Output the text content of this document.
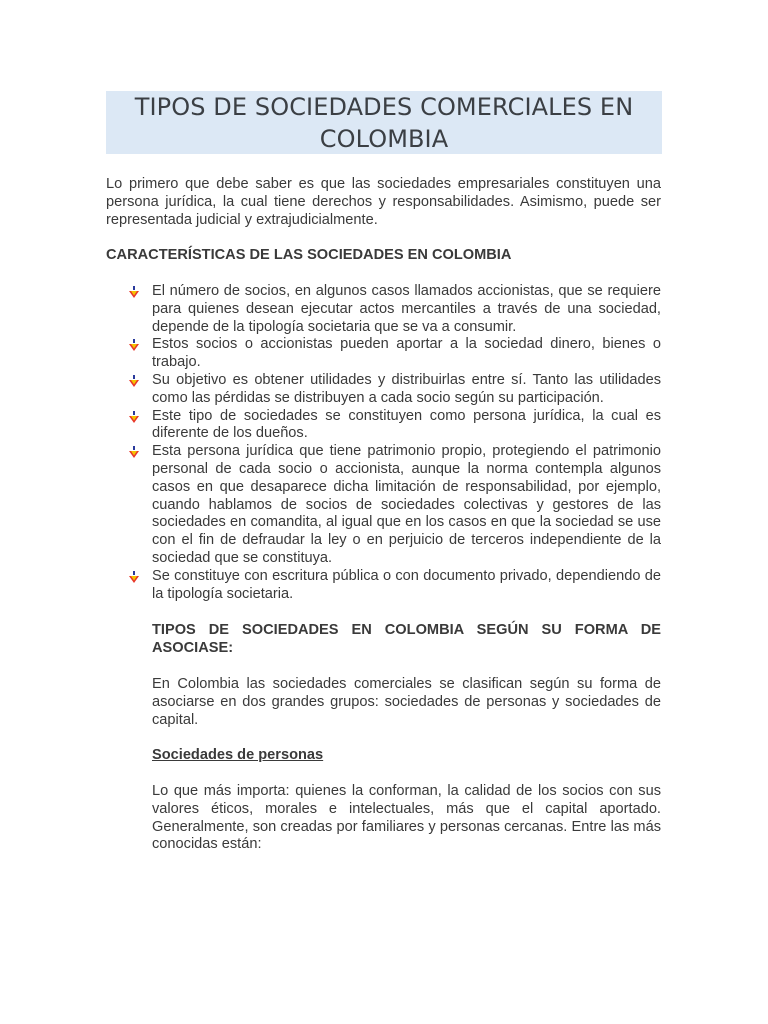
TIPOS DE SOCIEDADES COMERCIALES EN COLOMBIA

Lo primero que debe saber es que las sociedades empresariales constituyen una persona jurídica, la cual tiene derechos y responsabilidades. Asimismo, puede ser representada judicial y extrajudicialmente.

CARACTERÍSTICAS DE LAS SOCIEDADES EN COLOMBIA
El número de socios, en algunos casos llamados accionistas, que se requiere para quienes desean ejecutar actos mercantiles a través de una sociedad, depende de la tipología societaria que se va a consumir.
Estos socios o accionistas pueden aportar a la sociedad dinero, bienes o trabajo.
Su objetivo es obtener utilidades y distribuirlas entre sí. Tanto las utilidades como las pérdidas se distribuyen a cada socio según su participación.
Este tipo de sociedades se constituyen como persona jurídica, la cual es diferente de los dueños.
Esta persona jurídica que tiene patrimonio propio, protegiendo el patrimonio personal de cada socio o accionista, aunque la norma contempla algunos casos en que desaparece dicha limitación de responsabilidad, por ejemplo, cuando hablamos de socios de sociedades colectivas y gestores de las sociedades en comandita, al igual que en los casos en que la sociedad se use con el fin de defraudar la ley o en perjuicio de terceros independiente de la sociedad que se constituya.
Se constituye con escritura pública o con documento privado, dependiendo de la tipología societaria.
TIPOS DE SOCIEDADES EN COLOMBIA SEGÚN SU FORMA DE ASOCIASE:

En Colombia las sociedades comerciales se clasifican según su forma de asociarse en dos grandes grupos: sociedades de personas y sociedades de capital.

Sociedades de personas

Lo que más importa: quienes la conforman, la calidad de los socios con sus valores éticos, morales e intelectuales, más que el capital aportado. Generalmente, son creadas por familiares y personas cercanas. Entre las más conocidas están:
